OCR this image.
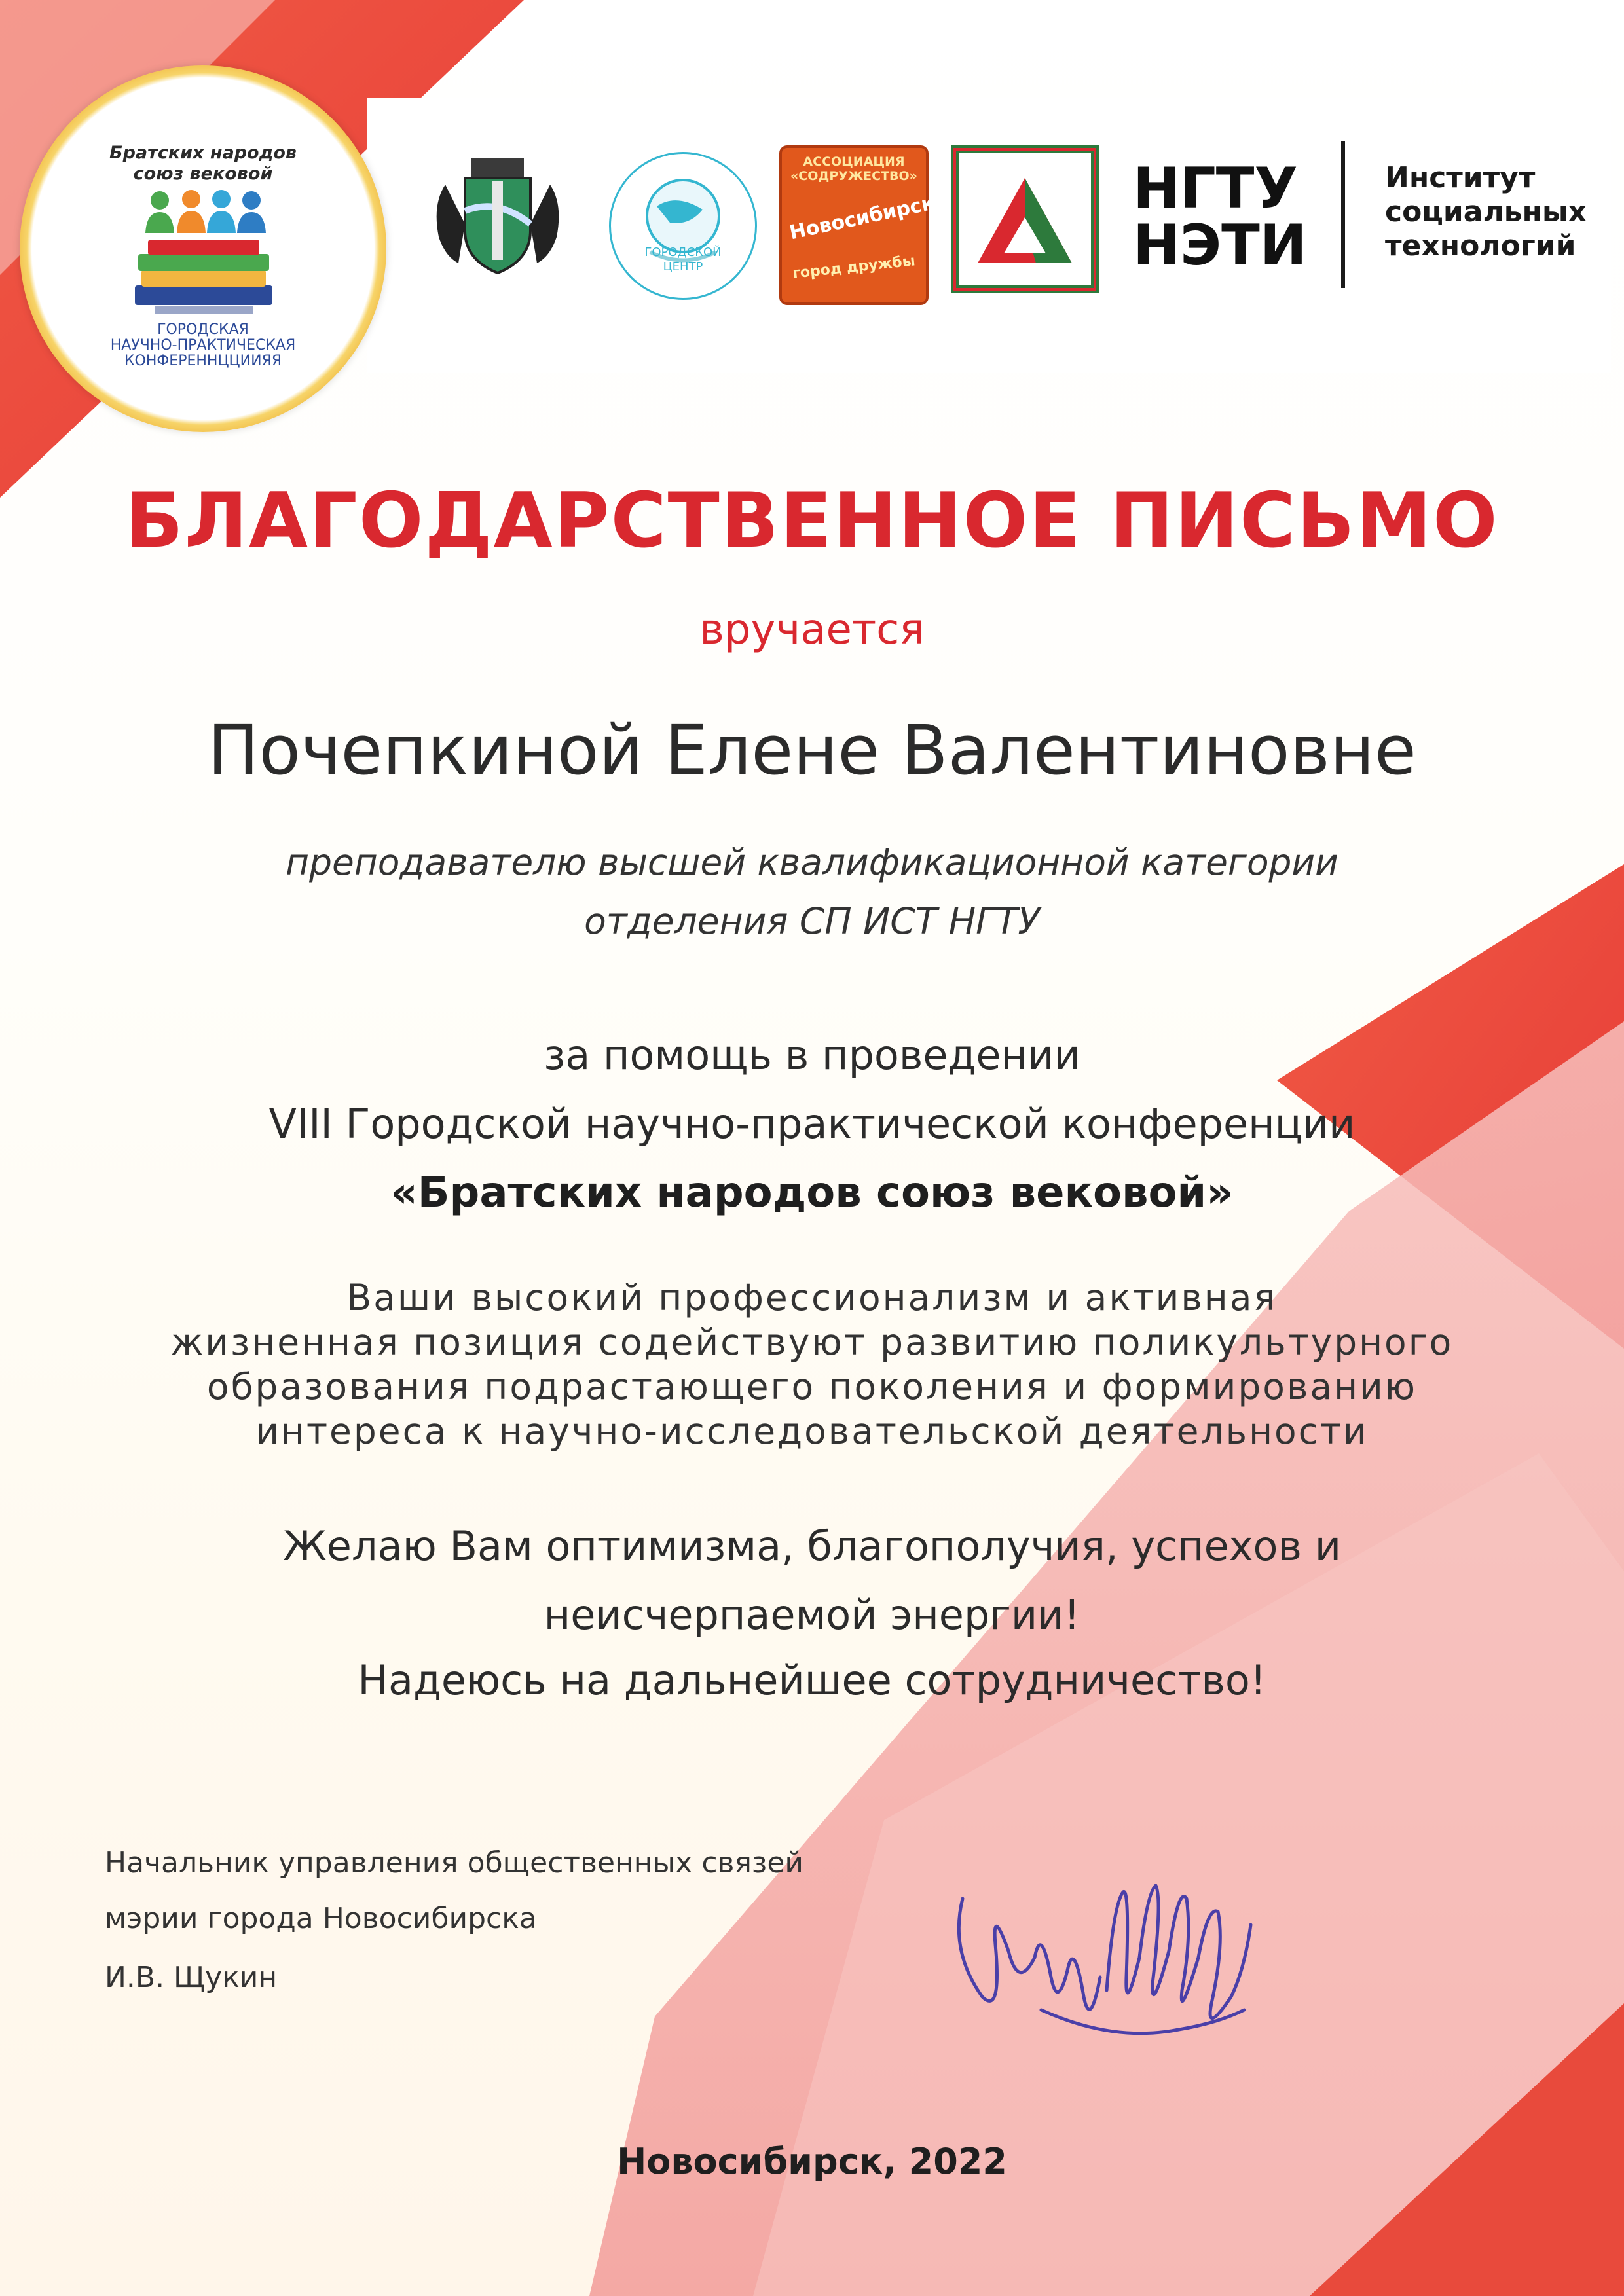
Братских народов
союз вековой
ГОРОДСКАЯ
НАУЧНО-ПРАКТИЧЕСКАЯ
КОНФЕРЕННЦЦИИЯЯ
ГОРОДСКОЙ
ЦЕНТР
АССОЦИАЦИЯ
«СОДРУЖЕСТВО»
Новосибирск
город дружбы
НГТУ
НЭТИ
Институт
социальных
технологий
БЛАГОДАРСТВЕННОЕ ПИСЬМО
вручается
Почепкиной Елене Валентиновне
преподавателю высшей квалификационной категории
отделения СП ИСТ НГТУ
за помощь в проведении
VIII Городской научно-практической конференции
«Братских народов союз вековой»
Ваши высокий профессионализм и активная
жизненная позиция содействуют развитию поликультурного
образования подрастающего поколения и формированию
интереса к научно-исследовательской деятельности
Желаю Вам оптимизма, благополучия, успехов и
неисчерпаемой энергии!
Надеюсь на дальнейшее сотрудничество!
Начальник управления общественных связей
мэрии города Новосибирска
И.В. Щукин
Новосибирск, 2022
